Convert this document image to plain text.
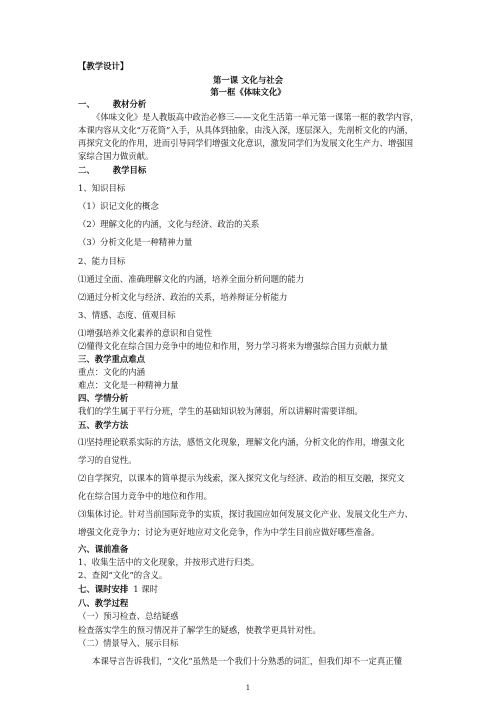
【教学设计】
第一课 文化与社会
第一框《体味文化》
一、 教材分析
《体味文化》是人教版高中政治必修三——文化生活第一单元第一课第一框的教学内容，
本课内容从文化“万花筒”入手，从具体到抽象，由浅入深，逐层深入，先剖析文化的内涵，
再探究文化的作用，进而引导同学们增强文化意识，激发同学们为发展文化生产力、增强国
家综合国力做贡献。
二、 教学目标
1、知识目标
（1）识记文化的概念
（2）理解文化的内涵，文化与经济、政治的关系
（3）分析文化是一种精神力量
2、能力目标
⑴通过全面、准确理解文化的内涵，培养全面分析问题的能力
⑵通过分析文化与经济、政治的关系，培养辩证分析能力
3、情感、态度、值观目标
⑴增强培养文化素养的意识和自觉性
⑵懂得文化在综合国力竞争中的地位和作用，努力学习将来为增强综合国力贡献力量
三、教学重点难点
重点：文化的内涵
难点：文化是一种精神力量
四、学情分析
我们的学生属于平行分班，学生的基础知识较为薄弱，所以讲解时需要详细。
五、教学方法
⑴坚持理论联系实际的方法，感悟文化现象，理解文化内涵，分析文化的作用，增强文化
学习的自觉性。
⑵自学探究，以课本的简单提示为线索，深入探究文化与经济、政治的相互交融，探究文
化在综合国力竞争中的地位和作用。
⑶集体讨论。针对当前国际竞争的实质，探讨我国应如何发展文化产业、发展文化生产力、
增强文化竞争力；讨论为更好地应对文化竞争，作为中学生目前应做好哪些准备。
六、课前准备
1、收集生活中的文化现象，并按形式进行归类。
2、查阅“文化”的含义。
七、课时安排 1 课时
八、教学过程
（一）预习检查、总结疑惑
检查落实学生的预习情况并了解学生的疑惑，使教学更具针对性。
（二）情景导入、展示目标
本课导言告诉我们，“文化”虽然是一个我们十分熟悉的词汇，但我们却不一定真正懂
1
